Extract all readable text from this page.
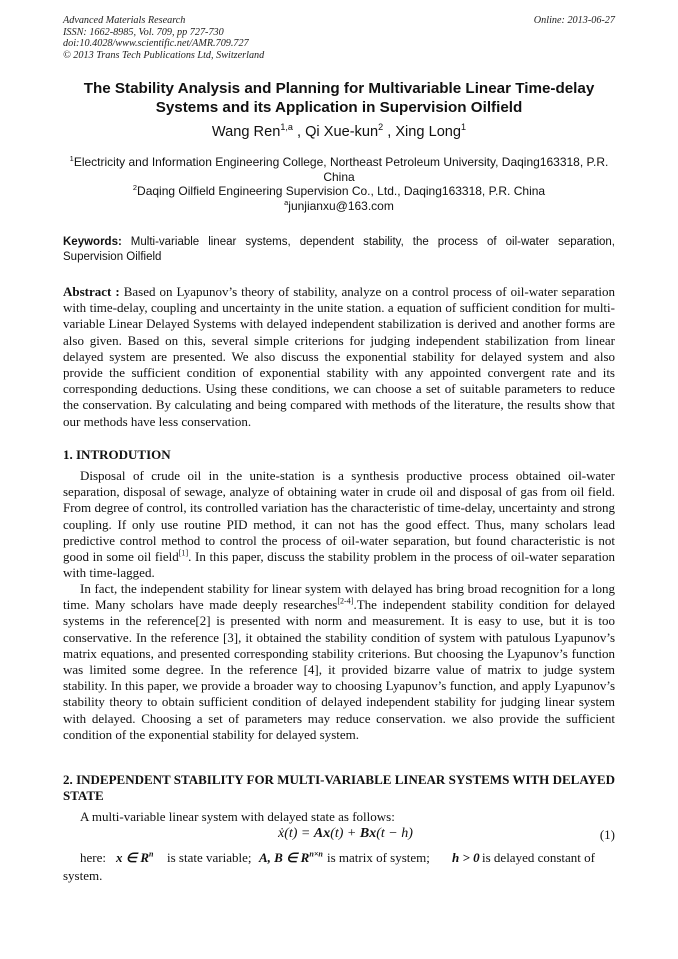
Advanced Materials Research
ISSN: 1662-8985, Vol. 709, pp 727-730
doi:10.4028/www.scientific.net/AMR.709.727
© 2013 Trans Tech Publications Ltd, Switzerland
Online: 2013-06-27
The Stability Analysis and Planning for Multivariable Linear Time-delay
Systems and its Application in Supervision Oilfield
Wang Ren$^{1,a}$ , Qi Xue-kun$^2$ , Xing Long$^1$
$^1$Electricity and Information Engineering College, Northeast Petroleum University, Daqing163318, P.R. China
$^2$Daqing Oilfield Engineering Supervision Co., Ltd., Daqing163318, P.R. China
$^a$junjianxu@163.com
Keywords: Multi-variable linear systems, dependent stability, the process of oil-water separation, Supervision Oilfield
Abstract : Based on Lyapunov’s theory of stability, analyze on a control process of oil-water separation with time-delay, coupling and uncertainty in the unite station. a equation of sufficient condition for multi-variable Linear Delayed Systems with delayed independent stabilization is derived and another forms are also given. Based on this, several simple criterions for judging independent stabilization from linear delayed system are presented. We also discuss the exponential stability for delayed system and also provide the sufficient condition of exponential stability with any appointed convergent rate and its corresponding deductions. Using these conditions, we can choose a set of suitable parameters to reduce the conservation. By calculating and being compared with methods of the literature, the results show that our methods have less conservation.
1. INTRODUTION
Disposal of crude oil in the unite-station is a synthesis productive process obtained oil-water separation, disposal of sewage, analyze of obtaining water in crude oil and disposal of gas from oil field. From degree of control, its controlled variation has the characteristic of time-delay, uncertainty and strong coupling. If only use routine PID method, it can not has the good effect. Thus, many scholars lead predictive control method to control the process of oil-water separation, but found characteristic is not good in some oil field[1]. In this paper, discuss the stability problem in the process of oil-water separation with time-lagged.
In fact, the independent stability for linear system with delayed has bring broad recognition for a long time. Many scholars have made deeply researches[2-4].The independent stability condition for delayed systems in the reference[2] is presented with norm and measurement. It is easy to use, but it is too conservative. In the reference [3], it obtained the stability condition of system with patulous Lyapunov’s matrix equations, and presented corresponding stability criterions. But choosing the Lyapunov’s function was limited some degree. In the reference [4], it provided bizarre value of matrix to judge system stability. In this paper, we provide a broader way to choosing Lyapunov’s function, and apply Lyapunov’s stability theory to obtain sufficient condition of delayed independent stability for judging linear system with delayed. Choosing a set of parameters may reduce conservation. we also provide the sufficient condition of the exponential stability for delayed system.
2. INDEPENDENT STABILITY FOR MULTI-VARIABLE LINEAR SYSTEMS WITH DELAYED STATE
A multi-variable linear system with delayed state as follows:
ẋ(t) = Ax(t) + Bx(t − h)	(1)
here: x ∈ $R^n$ is state variable; A, B ∈ $R^{n\times n}$ is matrix of system; h > 0 is delayed constant of
system.
